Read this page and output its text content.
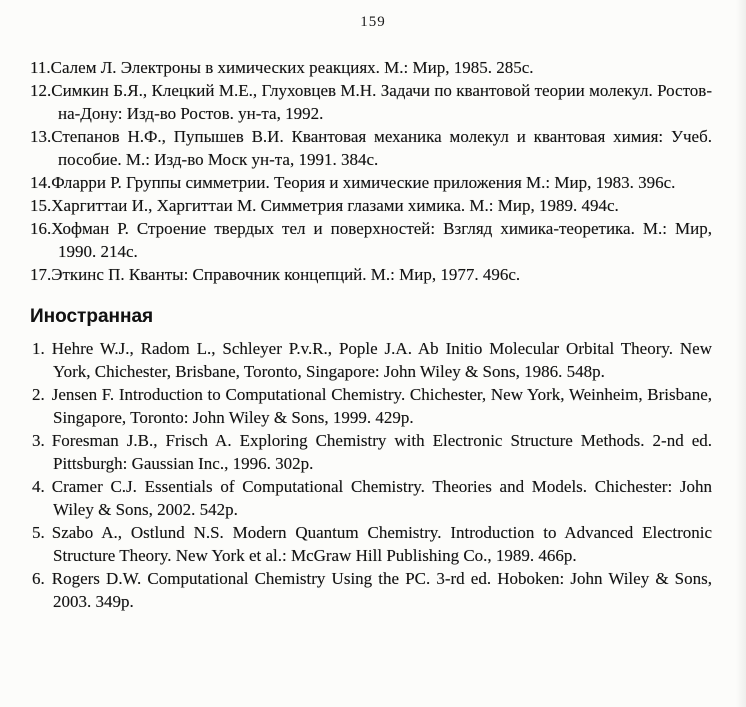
159
11.Салем Л. Электроны в химических реакциях. М.: Мир, 1985. 285с.
12.Симкин Б.Я., Клецкий М.Е., Глуховцев М.Н. Задачи по квантовой теории молекул. Ростов-на-Дону: Изд-во Ростов. ун-та, 1992.
13.Степанов Н.Ф., Пупышев В.И. Квантовая механика молекул и квантовая химия: Учеб. пособие. М.: Изд-во Моск ун-та, 1991. 384с.
14.Фларри Р. Группы симметрии. Теория и химические приложения М.: Мир, 1983. 396с.
15.Харгиттаи И., Харгиттаи М. Симметрия глазами химика. М.: Мир, 1989. 494с.
16.Хофман Р. Строение твердых тел и поверхностей: Взгляд химика-теоретика. М.: Мир, 1990. 214с.
17.Эткинс П. Кванты: Справочник концепций. М.: Мир, 1977. 496с.
Иностранная
1. Hehre W.J., Radom L., Schleyer P.v.R., Pople J.A. Ab Initio Molecular Orbital Theory. New York, Chichester, Brisbane, Toronto, Singapore: John Wiley & Sons, 1986. 548p.
2. Jensen F. Introduction to Computational Chemistry. Chichester, New York, Weinheim, Brisbane, Singapore, Toronto: John Wiley & Sons, 1999. 429p.
3. Foresman J.B., Frisch A. Exploring Chemistry with Electronic Structure Methods. 2-nd ed. Pittsburgh: Gaussian Inc., 1996. 302p.
4. Cramer C.J. Essentials of Computational Chemistry. Theories and Models. Chichester: John Wiley & Sons, 2002. 542p.
5. Szabo A., Ostlund N.S. Modern Quantum Chemistry. Introduction to Advanced Electronic Structure Theory. New York et al.: McGraw Hill Publishing Co., 1989. 466p.
6. Rogers D.W. Computational Chemistry Using the PC. 3-rd ed. Hoboken: John Wiley & Sons, 2003. 349p.
